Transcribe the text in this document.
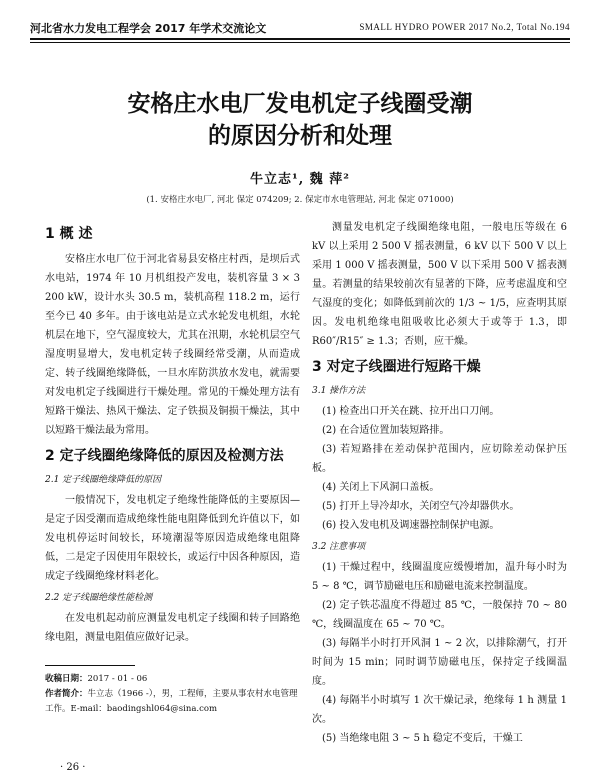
河北省水力发电工程学会 2017 年学术交流论文	SMALL HYDRO POWER 2017 No.2, Total No.194
安格庄水电厂发电机定子线圈受潮
的原因分析和处理
牛立志¹, 魏 萍²
(1. 安格庄水电厂, 河北 保定 074209; 2. 保定市水电管理站, 河北 保定 071000)
1 概 述
安格庄水电厂位于河北省易县安格庄村西，是坝后式水电站，1974 年 10 月机组投产发电，装机容量 3 × 3 200 kW，设计水头 30.5 m，装机高程 118.2 m，运行至今已 40 多年。由于该电站是立式水轮发电机组，水轮机层在地下，空气湿度较大，尤其在汛期，水轮机层空气湿度明显增大，发电机定转子线圈经常受潮，从而造成定、转子线圈绝缘降低，一旦水库防洪放水发电，就需要对发电机定子线圈进行干燥处理。常见的干燥处理方法有短路干燥法、热风干燥法、定子铁损及铜损干燥法，其中以短路干燥法最为常用。
2 定子线圈绝缘降低的原因及检测方法
2.1 定子线圈绝缘降低的原因
一般情况下，发电机定子绝缘性能降低的主要原因—是定子因受潮而造成绝缘性能电阻降低到允许值以下，如发电机停运时间较长，环境潮湿等原因造成绝缘电阻降低，二是定子因使用年限较长，或运行中因各种原因，造成定子线圈绝缘材料老化。
2.2 定子线圈绝缘性能检测
在发电机起动前应测量发电机定子线圈和转子回路绝缘电阻，测量电阻值应做好记录。
收稿日期：2017 - 01 - 06
作者简介：牛立志（1966 -），男，工程师，主要从事农村水电管理工作。E-mail：baodingshl064@sina.com
测量发电机定子线圈绝缘电阻，一般电压等级在 6 kV 以上采用 2 500 V 摇表测量，6 kV 以下 500 V 以上采用 1 000 V 摇表测量，500 V 以下采用 500 V 摇表测量。若测量的结果较前次有显著的下降，应考虑温度和空气湿度的变化；如降低到前次的 1/3 ~ 1/5，应查明其原因。发电机绝缘电阻吸收比必须大于或等于 1.3，即 R60″/R15″ ≥ 1.3；否则，应干燥。
3 对定子线圈进行短路干燥
3.1 操作方法
(1) 检查出口开关在跳、拉开出口刀闸。
(2) 在合适位置加装短路排。
(3) 若短路排在差动保护范围内，应切除差动保护压板。
(4) 关闭上下风洞口盖板。
(5) 打开上导冷却水，关闭空气冷却器供水。
(6) 投入发电机及调速器控制保护电源。
3.2 注意事项
(1) 干燥过程中，线圈温度应缓慢增加，温升每小时为 5 ~ 8 ℃，调节励磁电压和励磁电流来控制温度。
(2) 定子铁芯温度不得超过 85 ℃，一般保持 70 ~ 80 ℃，线圈温度在 65 ~ 70 ℃。
(3) 每隔半小时打开风洞 1 ~ 2 次，以排除潮气，打开时间为 15 min；同时调节励磁电压，保持定子线圈温度。
(4) 每隔半小时填写 1 次干燥记录，绝缘每 1 h 测量 1 次。
(5) 当绝缘电阻 3 ~ 5 h 稳定不变后，干燥工
· 26 ·
